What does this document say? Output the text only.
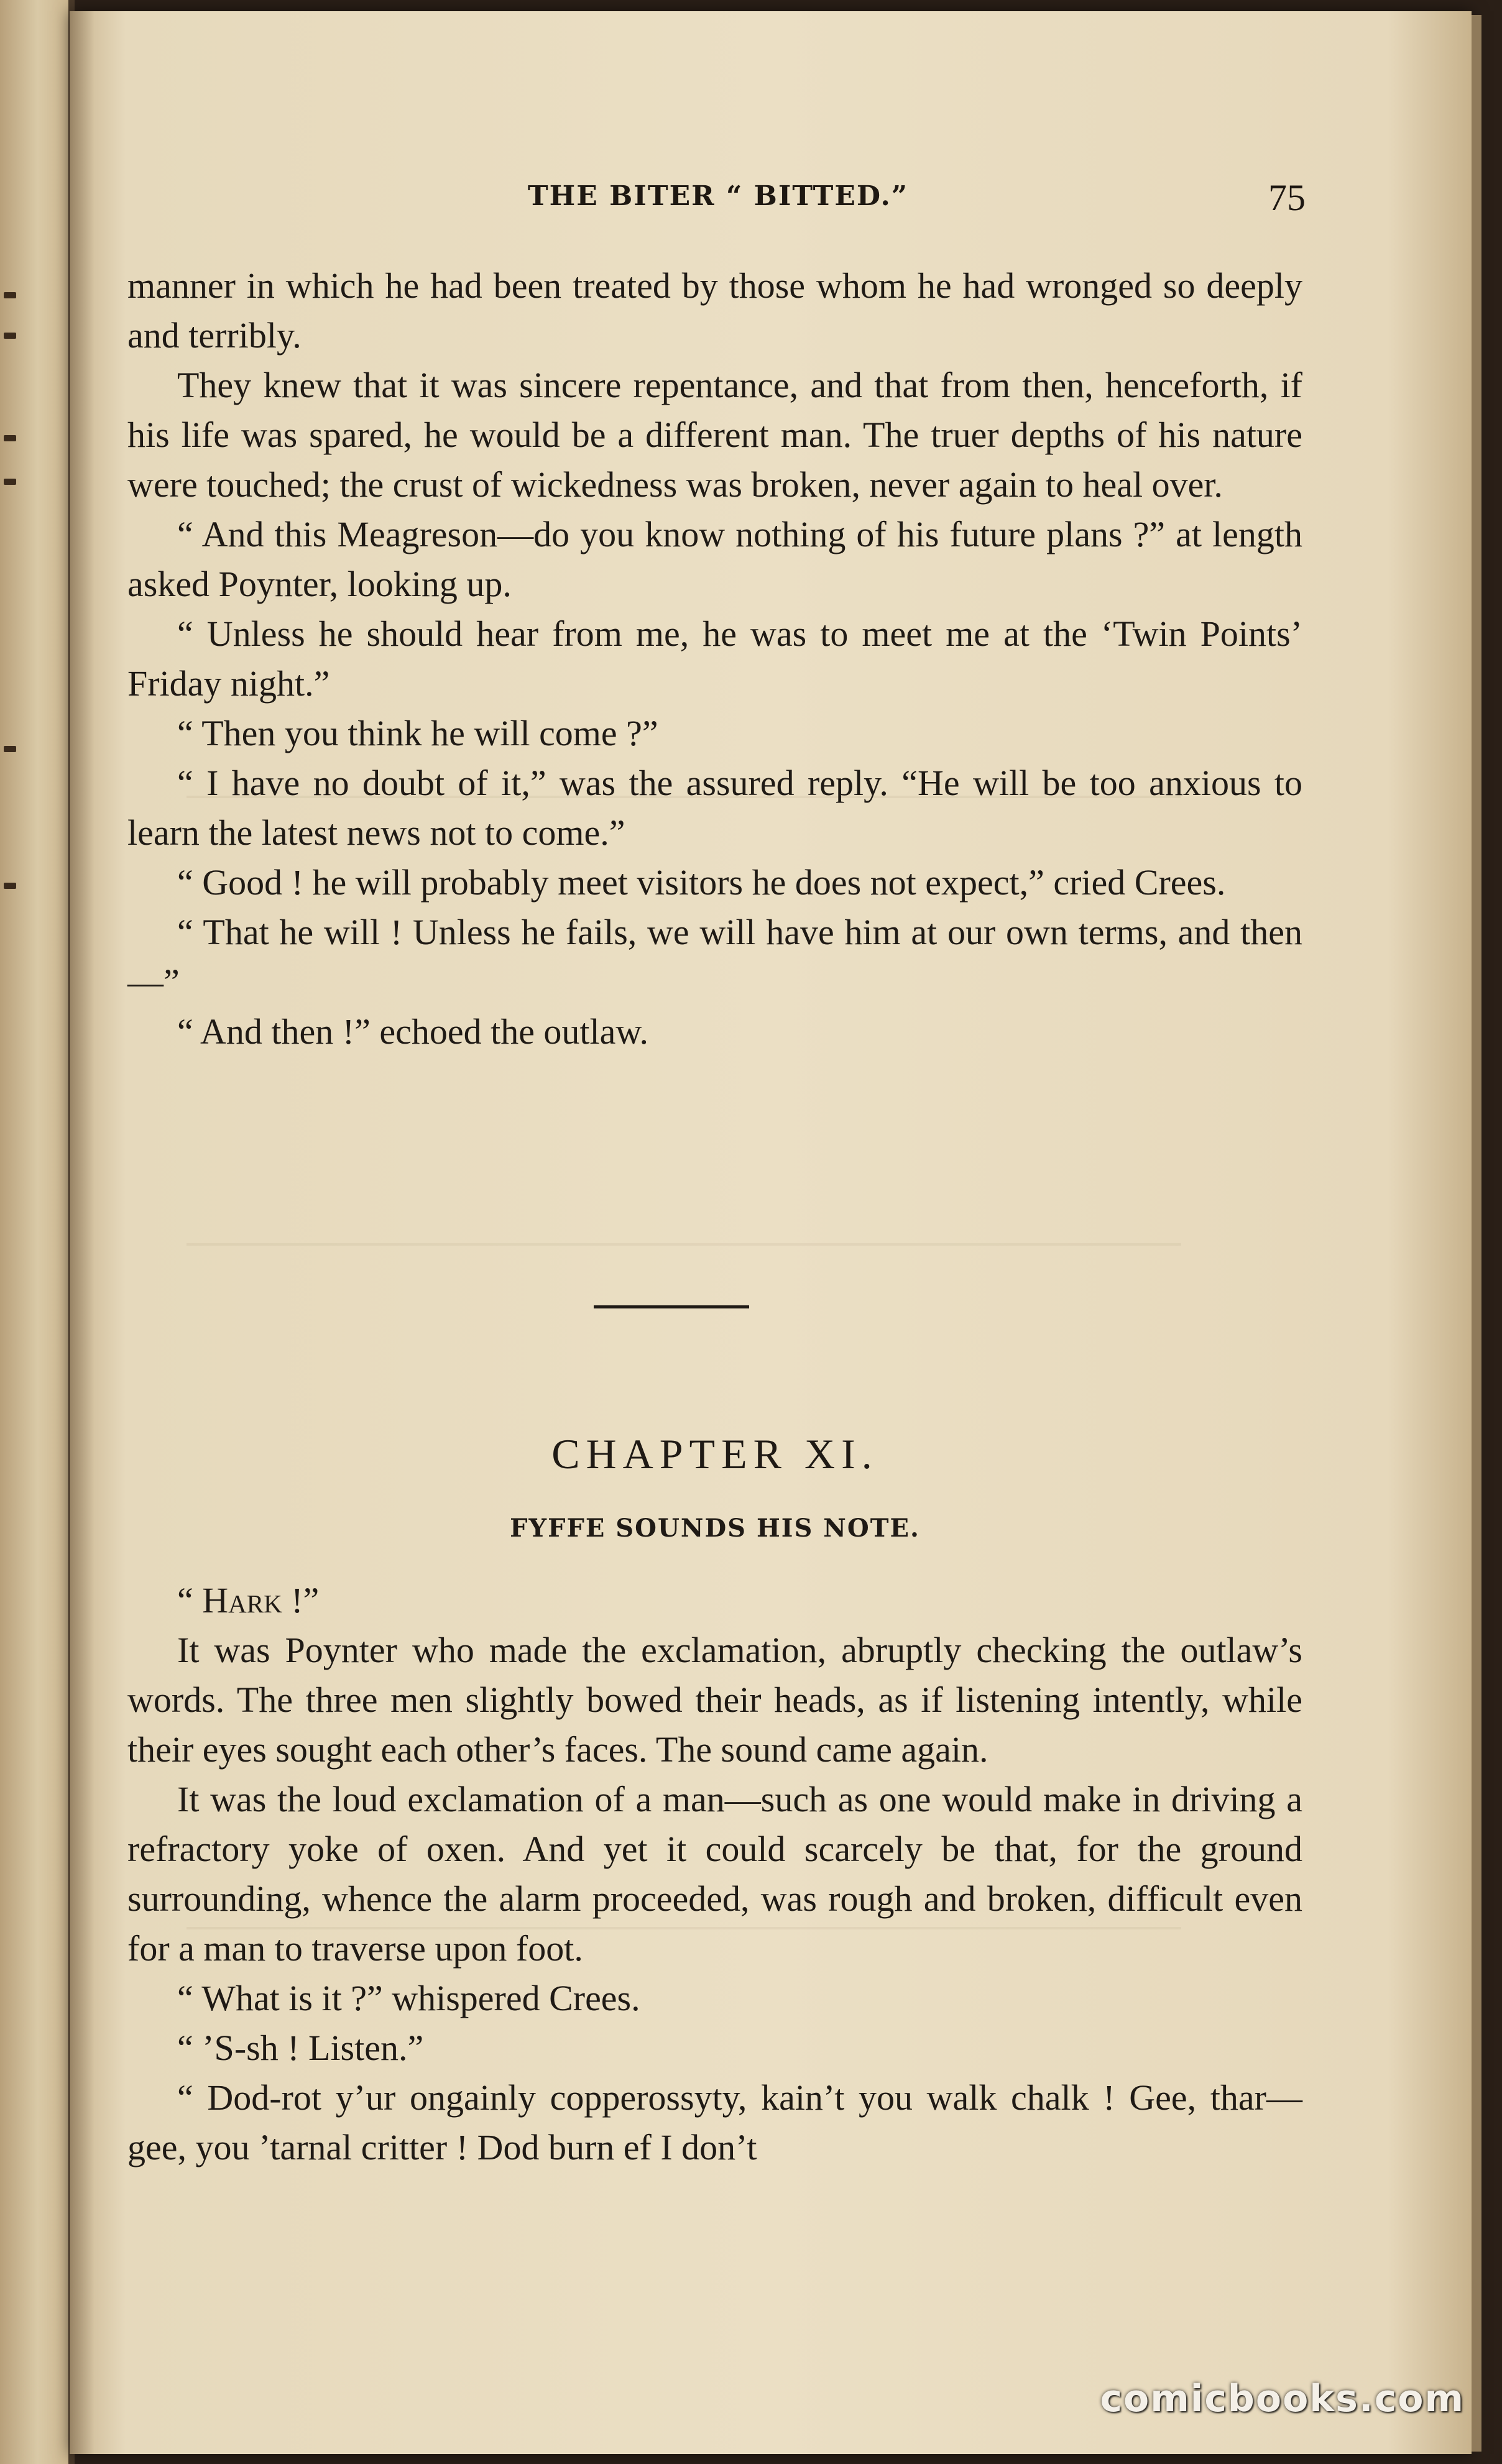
THE BITER “ BITTED.”	75

manner in which he had been treated by those whom he had wronged so deeply and terribly.

They knew that it was sincere repentance, and that from then, henceforth, if his life was spared, he would be a different man. The truer depths of his nature were touched; the crust of wickedness was broken, never again to heal over.

“ And this Meagreson—do you know nothing of his future plans ?” at length asked Poynter, looking up.

“ Unless he should hear from me, he was to meet me at the ‘Twin Points’ Friday night.”

“ Then you think he will come ?”

“ I have no doubt of it,” was the assured reply. “He will be too anxious to learn the latest news not to come.”

“ Good ! he will probably meet visitors he does not expect,” cried Crees.

“ That he will ! Unless he fails, we will have him at our own terms, and then—”

“ And then !” echoed the outlaw.

CHAPTER XI.
FYFFE SOUNDS HIS NOTE.

“ Hark !”

It was Poynter who made the exclamation, abruptly checking the outlaw’s words. The three men slightly bowed their heads, as if listening intently, while their eyes sought each other’s faces. The sound came again.

It was the loud exclamation of a man—such as one would make in driving a refractory yoke of oxen. And yet it could scarcely be that, for the ground surrounding, whence the alarm proceeded, was rough and broken, difficult even for a man to traverse upon foot.

“ What is it ?” whispered Crees.

“ ’S-sh ! Listen.”

“ Dod-rot y’ur ongainly copperossyty, kain’t you walk chalk ! Gee, thar—gee, you ’tarnal critter ! Dod burn ef I don’t

comicbooks.com
